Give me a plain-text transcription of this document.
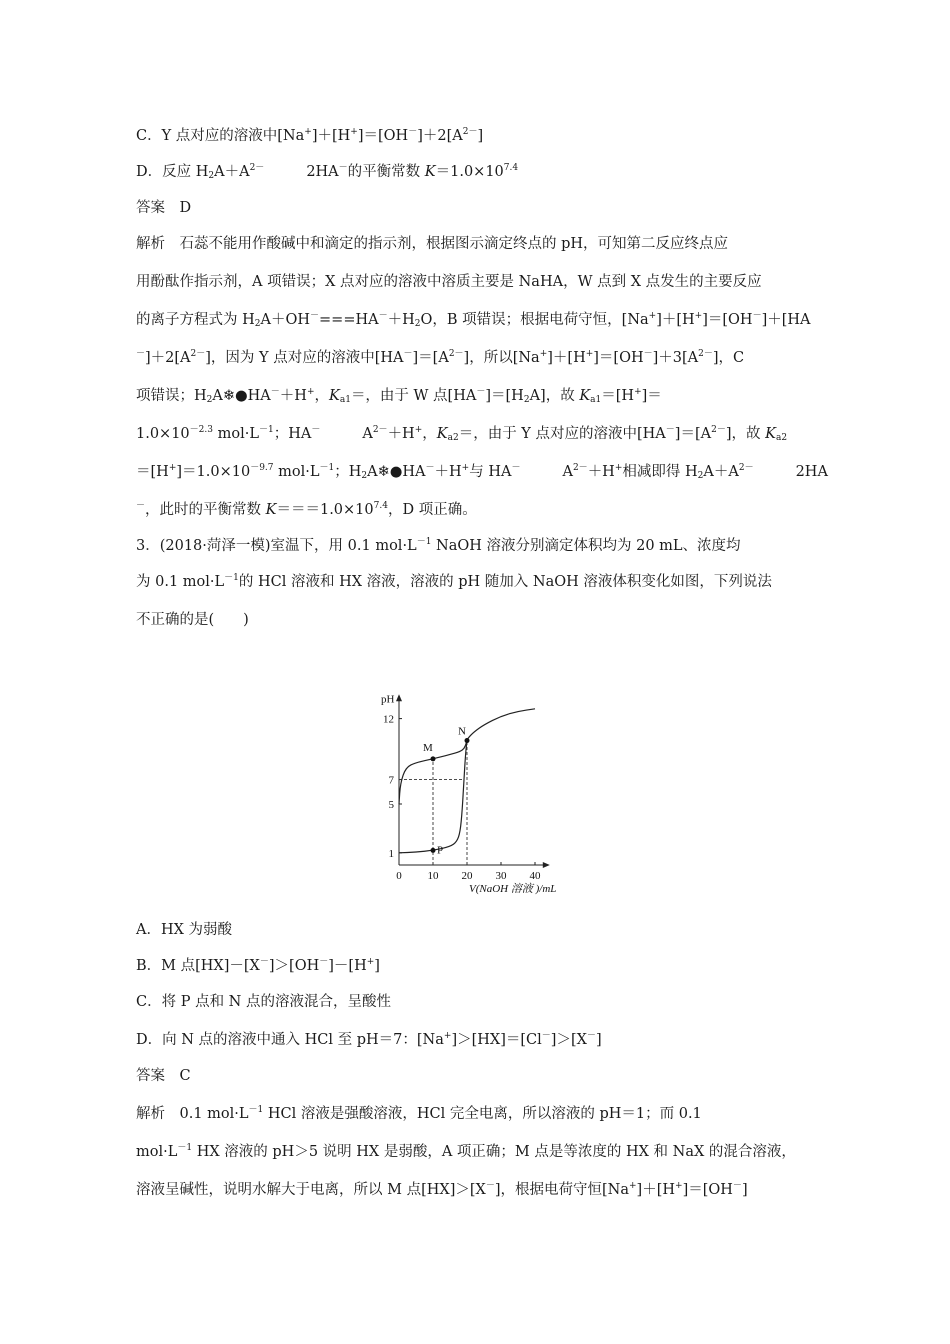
C．Y 点对应的溶液中$[Na^+]+[H^+]=[OH^-]+2[A^{2-}]$
D．反应 $H_2A+A^{2-}$	2HA－的平衡常数 $K=1.0\times 10^{7.4}$
答案　D
解析　石蕊不能用作酸碱中和滴定的指示剂，根据图示滴定终点的 pH，可知第二反应终点应
用酚酞作指示剂，A 项错误；X 点对应的溶液中溶质主要是 NaHA，W 点到 X 点发生的主要反应
的离子方程式为 $H_2A+OH^-===HA^-+H_2O$，B 项错误；根据电荷守恒，[Na+]＋[H+]＝[OH－]＋[HA
$^-]+2[A^{2-}]$，因为 Y 点对应的溶液中$[HA^-]=[A^{2-}]$，所以$[Na^+]+[H^+]=[OH^-]+3[A^{2-}]$，C
项错误；$H_2A❄●HA^-+H^+$，$K_{a1}=$，由于 W 点$[HA^-]=[H_2A]$，故 $K_{a1}=[H^+]=$
$1.0\times 10^{-2.3}$ $mol\cdot L^{-1}$；HA－	$A^{2-}+H^+$，$K_{a2}=$，由于 Y 点对应的溶液中$[HA^-]=[A^{2-}]$，故 $K_{a2}$
$=[H^+]=1.0\times 10^{-9.7}$ $mol\cdot L^{-1}$；$H_2A❄●HA^-+H^+$与 HA－	$A^{2-}+H^+$相减即得 $H_2A+A^{2-}$	2HA
－，此时的平衡常数 $K===1.0\times 10^{7.4}$，D 项正确。
3．(2018·菏泽一模)室温下，用 0.1 $mol\cdot L^{-1}$ NaOH 溶液分别滴定体积均为 20 mL、浓度均
为 0.1 $mol\cdot L^{-1}$的 HCl 溶液和 HX 溶液，溶液的 pH 随加入 NaOH 溶液体积变化如图，下列说法
不正确的是(　　)
A．HX 为弱酸
B．M 点[HX]－[X－]＞[OH－]－[H+]
C．将 P 点和 N 点的溶液混合，呈酸性
D．向 N 点的溶液中通入 HCl 至 pH＝7：[Na+]＞[HX]＝[Cl－]＞[X－]
答案　C
解析　0.1 $mol\cdot L^{-1}$ HCl 溶液是强酸溶液，HCl 完全电离，所以溶液的 pH＝1；而 0.1
$mol\cdot L^{-1}$ HX 溶液的 pH＞5 说明 HX 是弱酸，A 项正确；M 点是等浓度的 HX 和 NaX 的混合溶液，
溶液呈碱性，说明水解大于电离，所以 M 点[HX]＞[X－]，根据电荷守恒[Na+]＋[H+]＝[OH－]
0 10 20 30 40
1
5
7
12
pH
V(NaOH 溶液 )/mL
M
N
P
